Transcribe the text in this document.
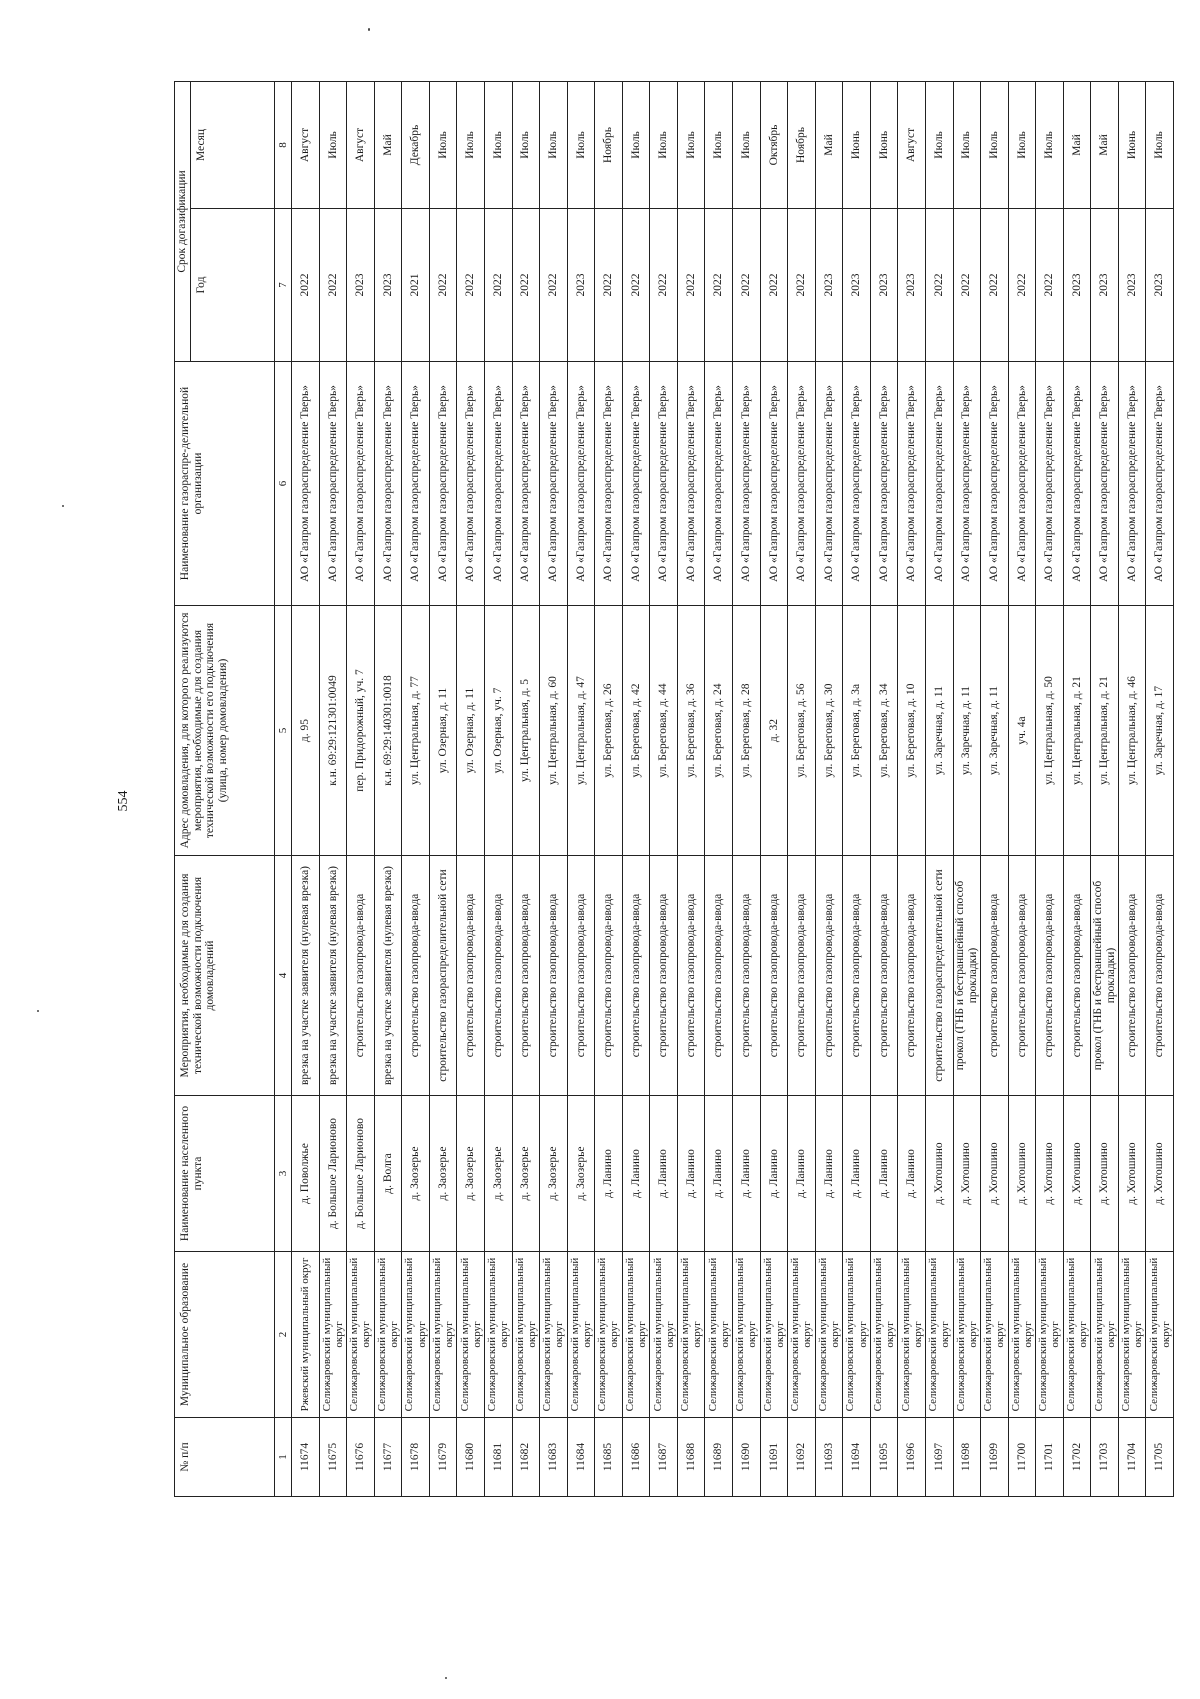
554
№ п/п	Муниципальное образование	Наименование населенного пункта	Мероприятия, необходимые для создания технической возможности подключения домовладений	Адрес домовладения, для которого реализуются мероприятия, необходимые для создания технической возможности его подключения (улица, номер домовладения)	Наименование газораспре-делительной организации	Срок догазификации	
						Год	Месяц
1	2	3	4	5	6	7	8
11674	Ржевский муниципальный округ	д. Поволжье	врезка на участке заявителя (нулевая врезка)	д. 95	АО «Газпром газораспределение Тверь»	2022	Август
11675	Селижаровский муниципальный округ	д. Большое Ларионово	врезка на участке заявителя (нулевая врезка)	к.н. 69:29:121301:0049	АО «Газпром газораспределение Тверь»	2022	Июль
11676	Селижаровский муниципальный округ	д. Большое Ларионово	строительство газопровода-ввода	пер. Придорожный, уч. 7	АО «Газпром газораспределение Тверь»	2023	Август
11677	Селижаровский муниципальный округ	д. Волга	врезка на участке заявителя (нулевая врезка)	к.н. 69:29:140301:0018	АО «Газпром газораспределение Тверь»	2023	Май
11678	Селижаровский муниципальный округ	д. Заозерье	строительство газопровода-ввода	ул. Центральная, д. 77	АО «Газпром газораспределение Тверь»	2021	Декабрь
11679	Селижаровский муниципальный округ	д. Заозерье	строительство газораспределительной сети	ул. Озерная, д. 11	АО «Газпром газораспределение Тверь»	2022	Июль
11680	Селижаровский муниципальный округ	д. Заозерье	строительство газопровода-ввода	ул. Озерная, д. 11	АО «Газпром газораспределение Тверь»	2022	Июль
11681	Селижаровский муниципальный округ	д. Заозерье	строительство газопровода-ввода	ул. Озерная, уч. 7	АО «Газпром газораспределение Тверь»	2022	Июль
11682	Селижаровский муниципальный округ	д. Заозерье	строительство газопровода-ввода	ул. Центральная, д. 5	АО «Газпром газораспределение Тверь»	2022	Июль
11683	Селижаровский муниципальный округ	д. Заозерье	строительство газопровода-ввода	ул. Центральная, д. 60	АО «Газпром газораспределение Тверь»	2022	Июль
11684	Селижаровский муниципальный округ	д. Заозерье	строительство газопровода-ввода	ул. Центральная, д. 47	АО «Газпром газораспределение Тверь»	2023	Июль
11685	Селижаровский муниципальный округ	д. Ланино	строительство газопровода-ввода	ул. Береговая, д. 26	АО «Газпром газораспределение Тверь»	2022	Ноябрь
11686	Селижаровский муниципальный округ	д. Ланино	строительство газопровода-ввода	ул. Береговая, д. 42	АО «Газпром газораспределение Тверь»	2022	Июль
11687	Селижаровский муниципальный округ	д. Ланино	строительство газопровода-ввода	ул. Береговая, д. 44	АО «Газпром газораспределение Тверь»	2022	Июль
11688	Селижаровский муниципальный округ	д. Ланино	строительство газопровода-ввода	ул. Береговая, д. 36	АО «Газпром газораспределение Тверь»	2022	Июль
11689	Селижаровский муниципальный округ	д. Ланино	строительство газопровода-ввода	ул. Береговая, д. 24	АО «Газпром газораспределение Тверь»	2022	Июль
11690	Селижаровский муниципальный округ	д. Ланино	строительство газопровода-ввода	ул. Береговая, д. 28	АО «Газпром газораспределение Тверь»	2022	Июль
11691	Селижаровский муниципальный округ	д. Ланино	строительство газопровода-ввода	д. 32	АО «Газпром газораспределение Тверь»	2022	Октябрь
11692	Селижаровский муниципальный округ	д. Ланино	строительство газопровода-ввода	ул. Береговая, д. 56	АО «Газпром газораспределение Тверь»	2022	Ноябрь
11693	Селижаровский муниципальный округ	д. Ланино	строительство газопровода-ввода	ул. Береговая, д. 30	АО «Газпром газораспределение Тверь»	2023	Май
11694	Селижаровский муниципальный округ	д. Ланино	строительство газопровода-ввода	ул. Береговая, д. 3а	АО «Газпром газораспределение Тверь»	2023	Июнь
11695	Селижаровский муниципальный округ	д. Ланино	строительство газопровода-ввода	ул. Береговая, д. 34	АО «Газпром газораспределение Тверь»	2023	Июнь
11696	Селижаровский муниципальный округ	д. Ланино	строительство газопровода-ввода	ул. Береговая, д. 10	АО «Газпром газораспределение Тверь»	2023	Август
11697	Селижаровский муниципальный округ	д. Хотошино	строительство газораспределительной сети	ул. Заречная, д. 11	АО «Газпром газораспределение Тверь»	2022	Июль
11698	Селижаровский муниципальный округ	д. Хотошино	прокол (ГНБ и бестраншейный способ прокладки)	ул. Заречная, д. 11	АО «Газпром газораспределение Тверь»	2022	Июль
11699	Селижаровский муниципальный округ	д. Хотошино	строительство газопровода-ввода	ул. Заречная, д. 11	АО «Газпром газораспределение Тверь»	2022	Июль
11700	Селижаровский муниципальный округ	д. Хотошино	строительство газопровода-ввода	уч. 4а	АО «Газпром газораспределение Тверь»	2022	Июль
11701	Селижаровский муниципальный округ	д. Хотошино	строительство газопровода-ввода	ул. Центральная, д. 50	АО «Газпром газораспределение Тверь»	2022	Июль
11702	Селижаровский муниципальный округ	д. Хотошино	строительство газопровода-ввода	ул. Центральная, д. 21	АО «Газпром газораспределение Тверь»	2023	Май
11703	Селижаровский муниципальный округ	д. Хотошино	прокол (ГНБ и бестраншейный способ прокладки)	ул. Центральная, д. 21	АО «Газпром газораспределение Тверь»	2023	Май
11704	Селижаровский муниципальный округ	д. Хотошино	строительство газопровода-ввода	ул. Центральная, д. 46	АО «Газпром газораспределение Тверь»	2023	Июнь
11705	Селижаровский муниципальный округ	д. Хотошино	строительство газопровода-ввода	ул. Заречная, д. 17	АО «Газпром газораспределение Тверь»	2023	Июль
